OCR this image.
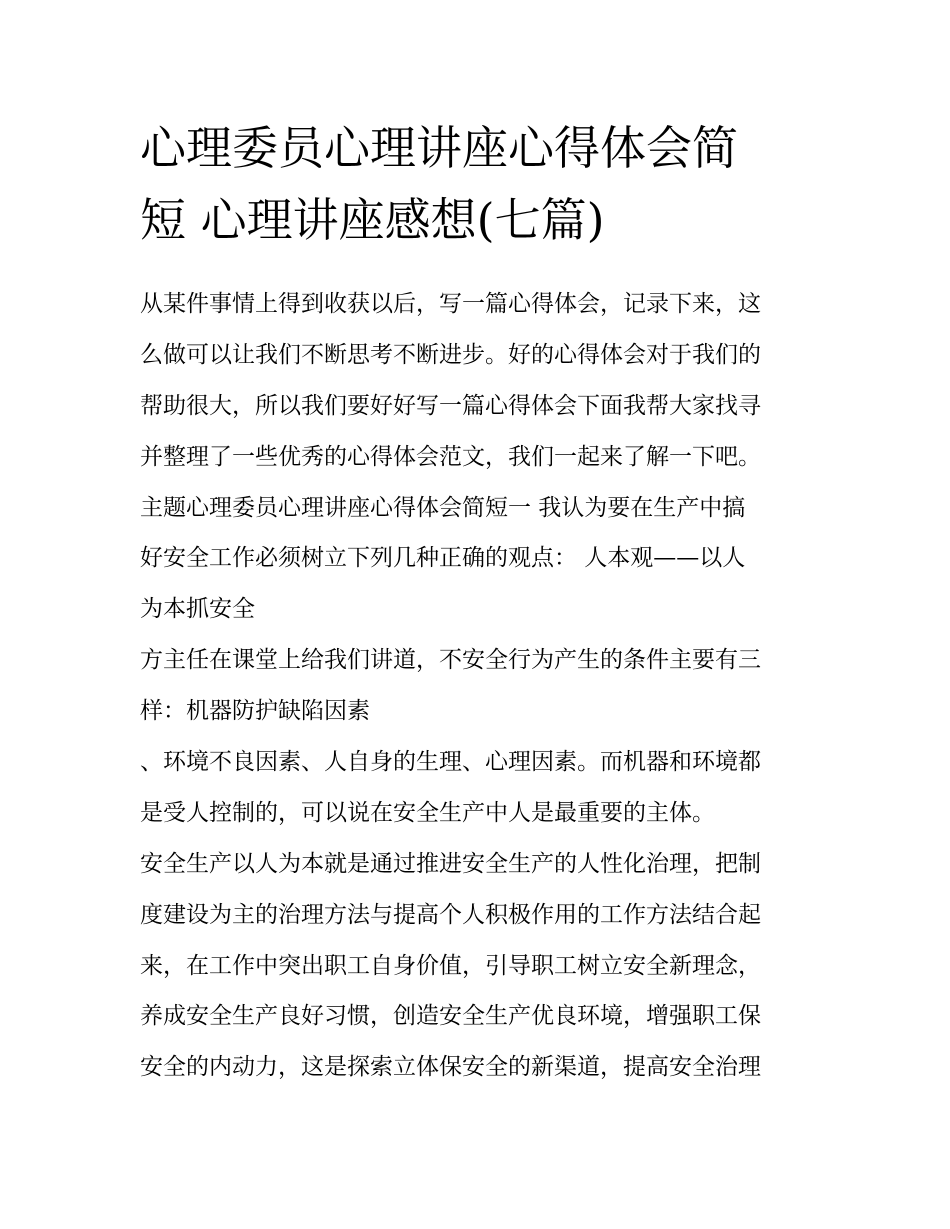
心理委员心理讲座心得体会简
短 心理讲座感想(七篇)
从某件事情上得到收获以后，写一篇心得体会，记录下来，这
么做可以让我们不断思考不断进步。好的心得体会对于我们的
帮助很大，所以我们要好好写一篇心得体会下面我帮大家找寻
并整理了一些优秀的心得体会范文，我们一起来了解一下吧。
主题心理委员心理讲座心得体会简短一 我认为要在生产中搞
好安全工作必须树立下列几种正确的观点： 人本观——以人
为本抓安全
方主任在课堂上给我们讲道，不安全行为产生的条件主要有三
样：机器防护缺陷因素
、环境不良因素、人自身的生理、心理因素。而机器和环境都
是受人控制的，可以说在安全生产中人是最重要的主体。
安全生产以人为本就是通过推进安全生产的人性化治理，把制
度建设为主的治理方法与提高个人积极作用的工作方法结合起
来，在工作中突出职工自身价值，引导职工树立安全新理念，
养成安全生产良好习惯，创造安全生产优良环境，增强职工保
安全的内动力，这是探索立体保安全的新渠道，提高安全治理
